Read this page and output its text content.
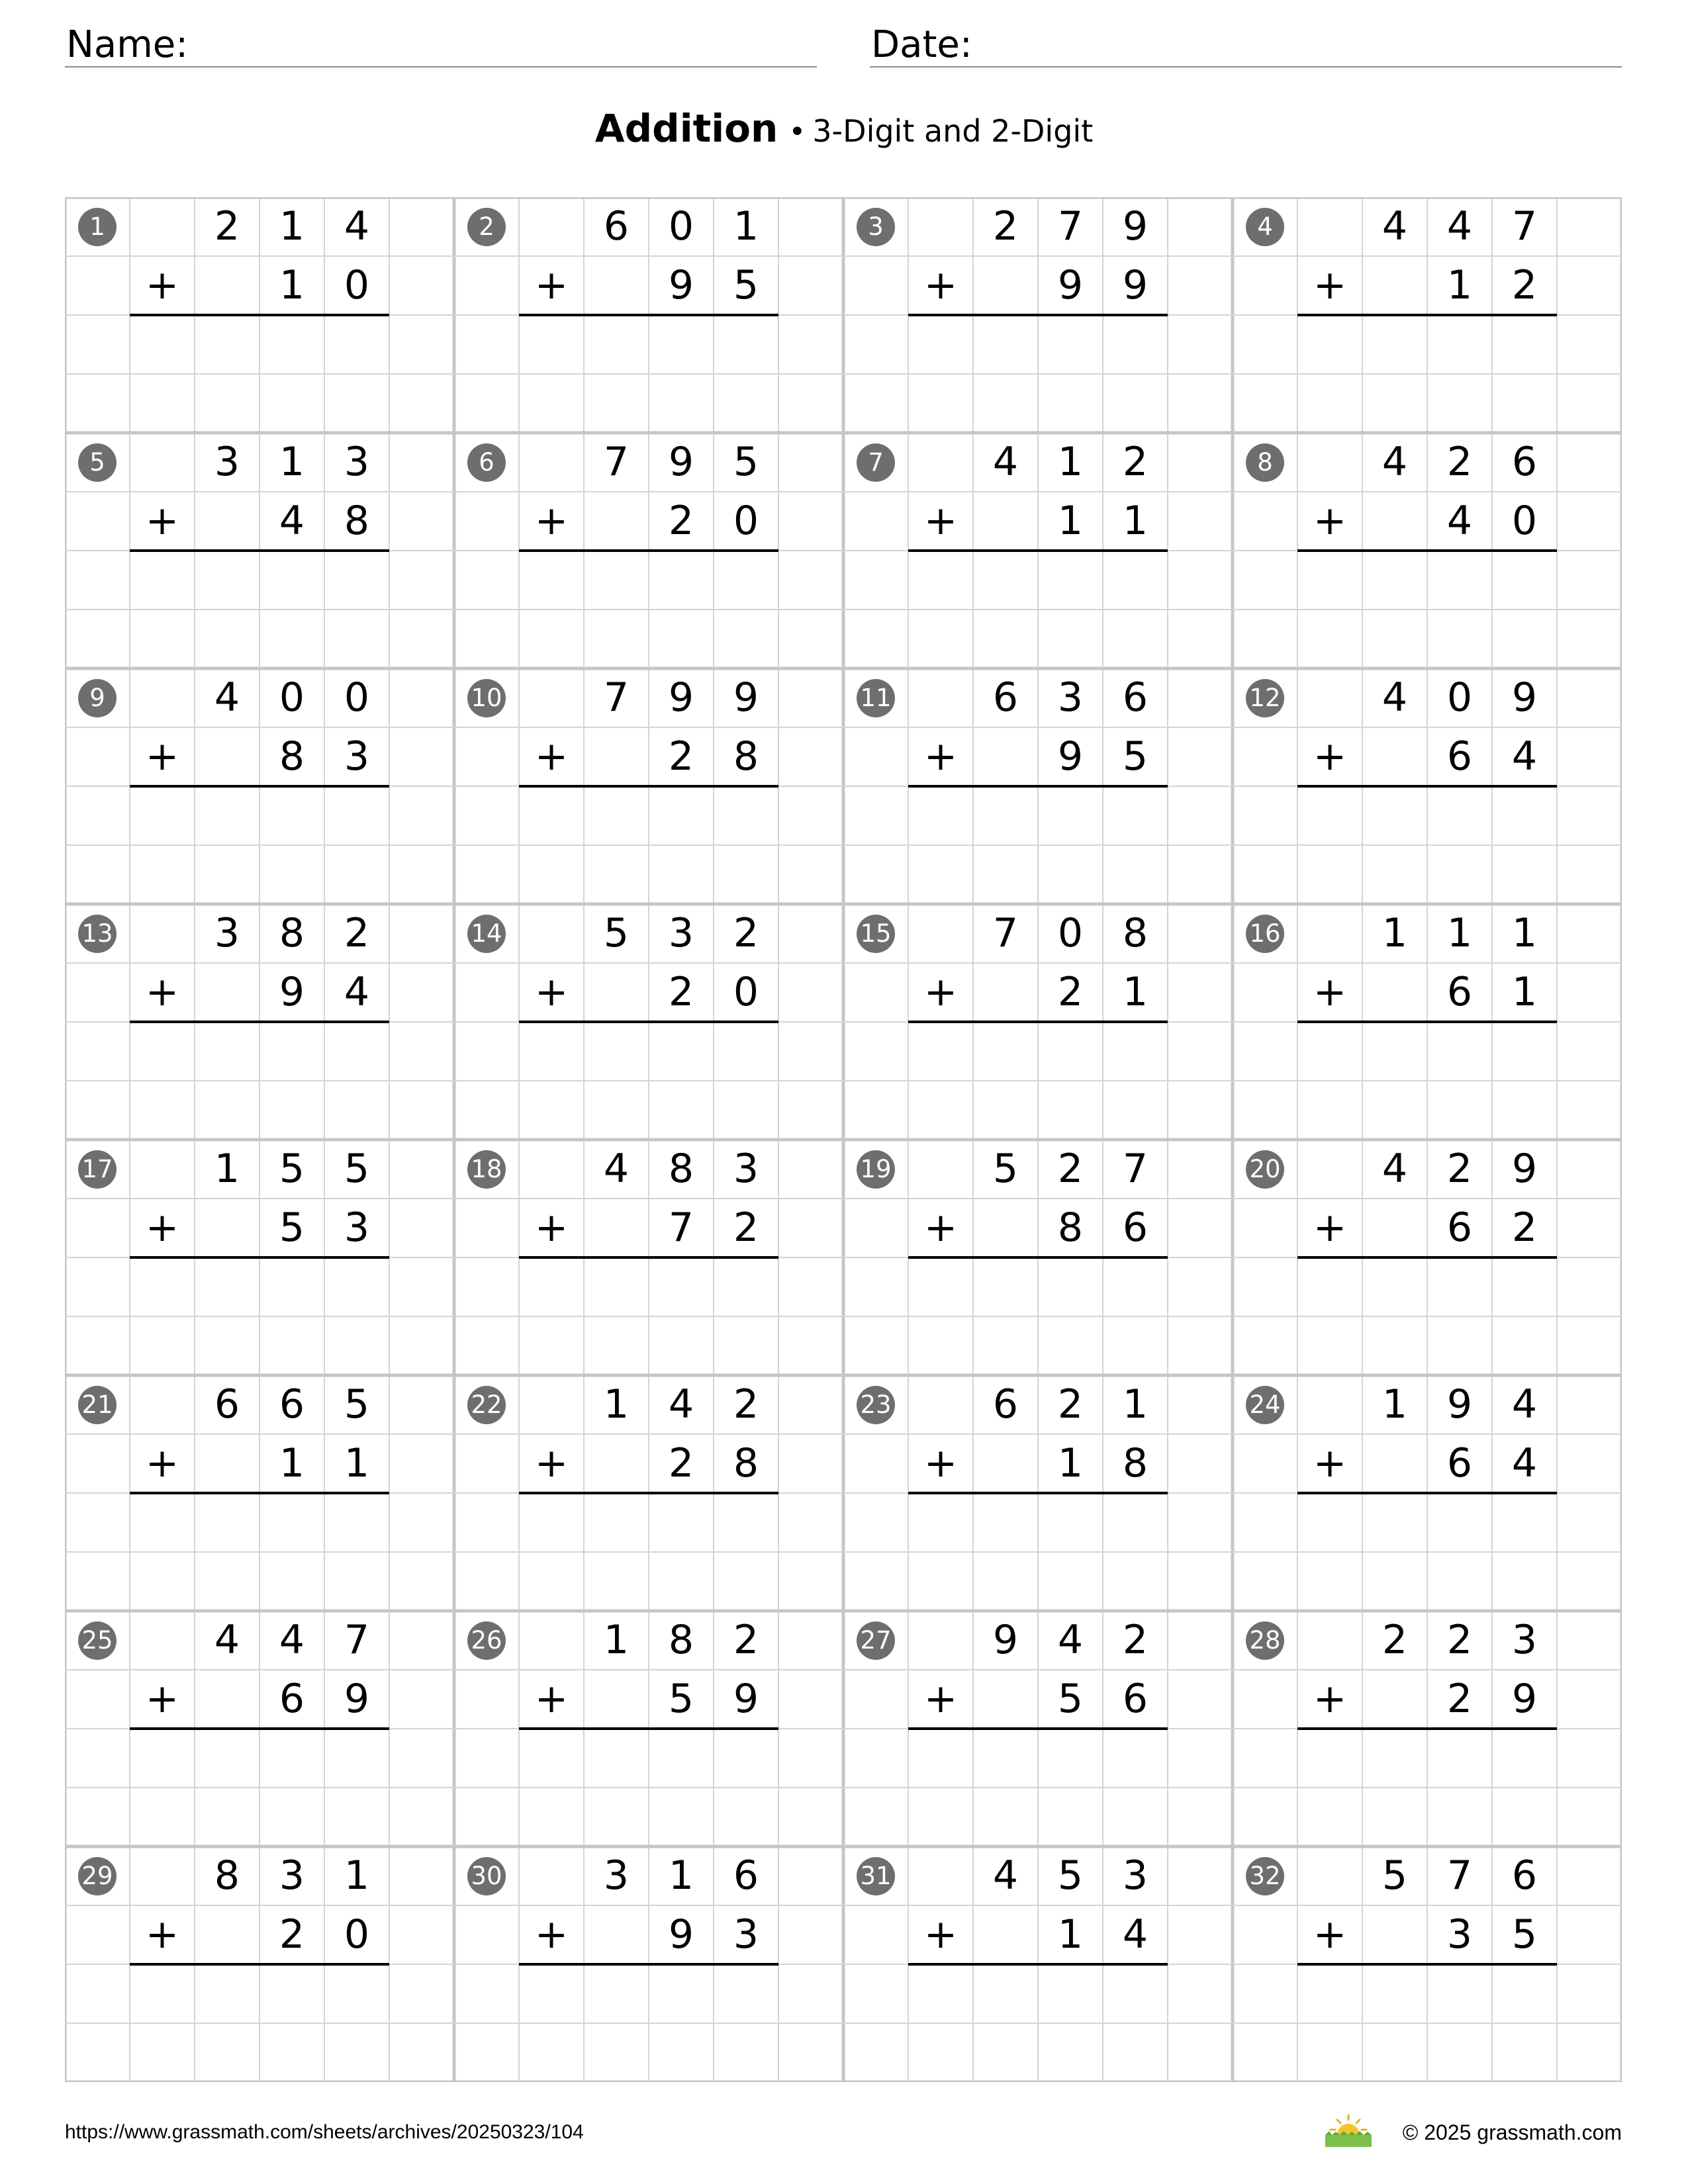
Name:	Date:
Addition • 3-Digit and 2-Digit
1	2 1 4
+	1 0
2	6 0 1
+	9 5
3	2 7 9
+	9 9
4	4 4 7
+	1 2
5	3 1 3
+	4 8
6	7 9 5
+	2 0
7	4 1 2
+	1 1
8	4 2 6
+	4 0
9	4 0 0
+	8 3
10	7 9 9
+	2 8
11	6 3 6
+	9 5
12	4 0 9
+	6 4
13	3 8 2
+	9 4
14	5 3 2
+	2 0
15	7 0 8
+	2 1
16	1 1 1
+	6 1
17	1 5 5
+	5 3
18	4 8 3
+	7 2
19	5 2 7
+	8 6
20	4 2 9
+	6 2
21	6 6 5
+	1 1
22	1 4 2
+	2 8
23	6 2 1
+	1 8
24	1 9 4
+	6 4
25	4 4 7
+	6 9
26	1 8 2
+	5 9
27	9 4 2
+	5 6
28	2 2 3
+	2 9
29	8 3 1
+	2 0
30	3 1 6
+	9 3
31	4 5 3
+	1 4
32	5 7 6
+	3 5
https://www.grassmath.com/sheets/archives/20250323/104	© 2025 grassmath.com
